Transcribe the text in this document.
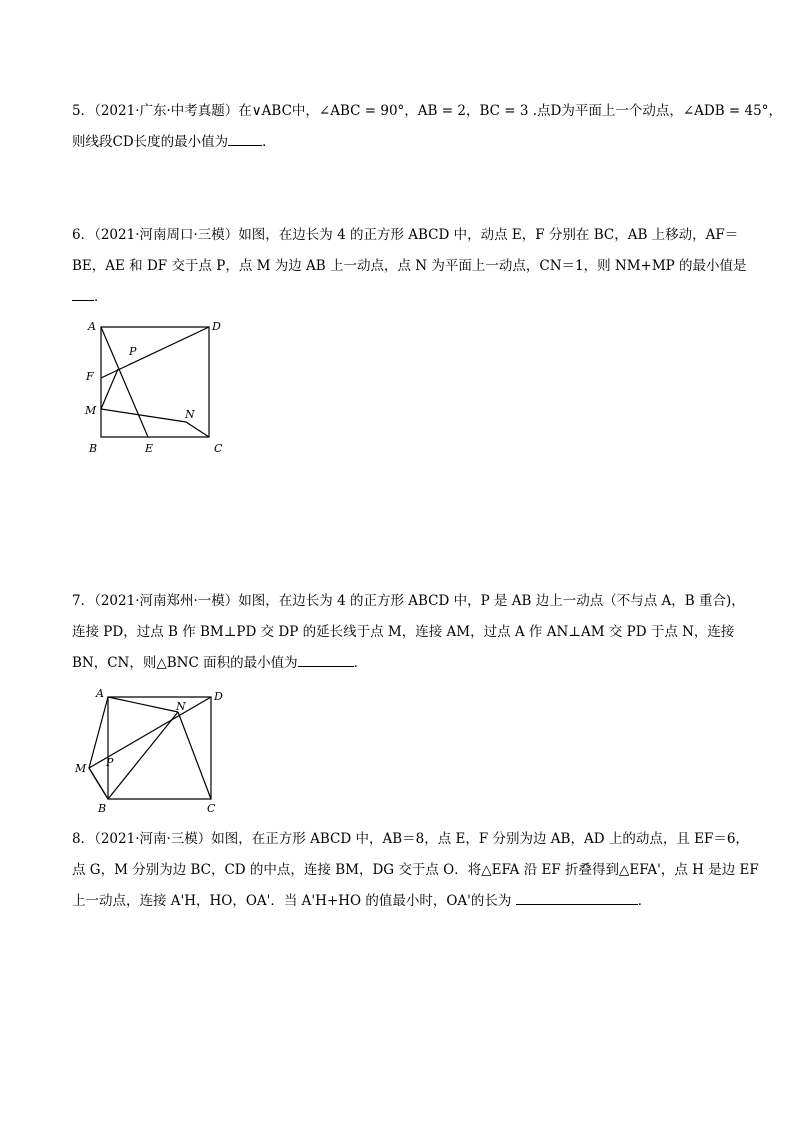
5．（2021·广东·中考真题）在∨ABC中，∠ABC = 90°，AB = 2，BC = 3 .点D为平面上一个动点，∠ADB = 45°，
则线段CD长度的最小值为	．
6．（2021·河南周口·三模）如图，在边长为 4 的正方形 ABCD 中，动点 E，F 分别在 BC，AB 上移动，AF＝
BE，AE 和 DF 交于点 P，点 M 为边 AB 上一动点，点 N 为平面上一动点，CN＝1，则 NM+MP 的最小值是
．
A	D
P
F
M	N
B	E	C
7．（2021·河南郑州·一模）如图，在边长为 4 的正方形 ABCD 中，P 是 AB 边上一动点（不与点 A，B 重合)，
连接 PD，过点 B 作 BM⊥PD 交 DP 的延长线于点 M，连接 AM，过点 A 作 AN⊥AM 交 PD 于点 N，连接
BN，CN，则△BNC 面积的最小值为	．
A	D
N
M P
B	C
8．（2021·河南·三模）如图，在正方形 ABCD 中，AB＝8，点 E，F 分别为边 AB，AD 上的动点，且 EF＝6，
点 G，M 分别为边 BC，CD 的中点，连接 BM，DG 交于点 O．将△EFA 沿 EF 折叠得到△EFA'，点 H 是边 EF
上一动点，连接 A'H，HO，OA'．当 A'H+HO 的值最小时，OA'的长为	．
